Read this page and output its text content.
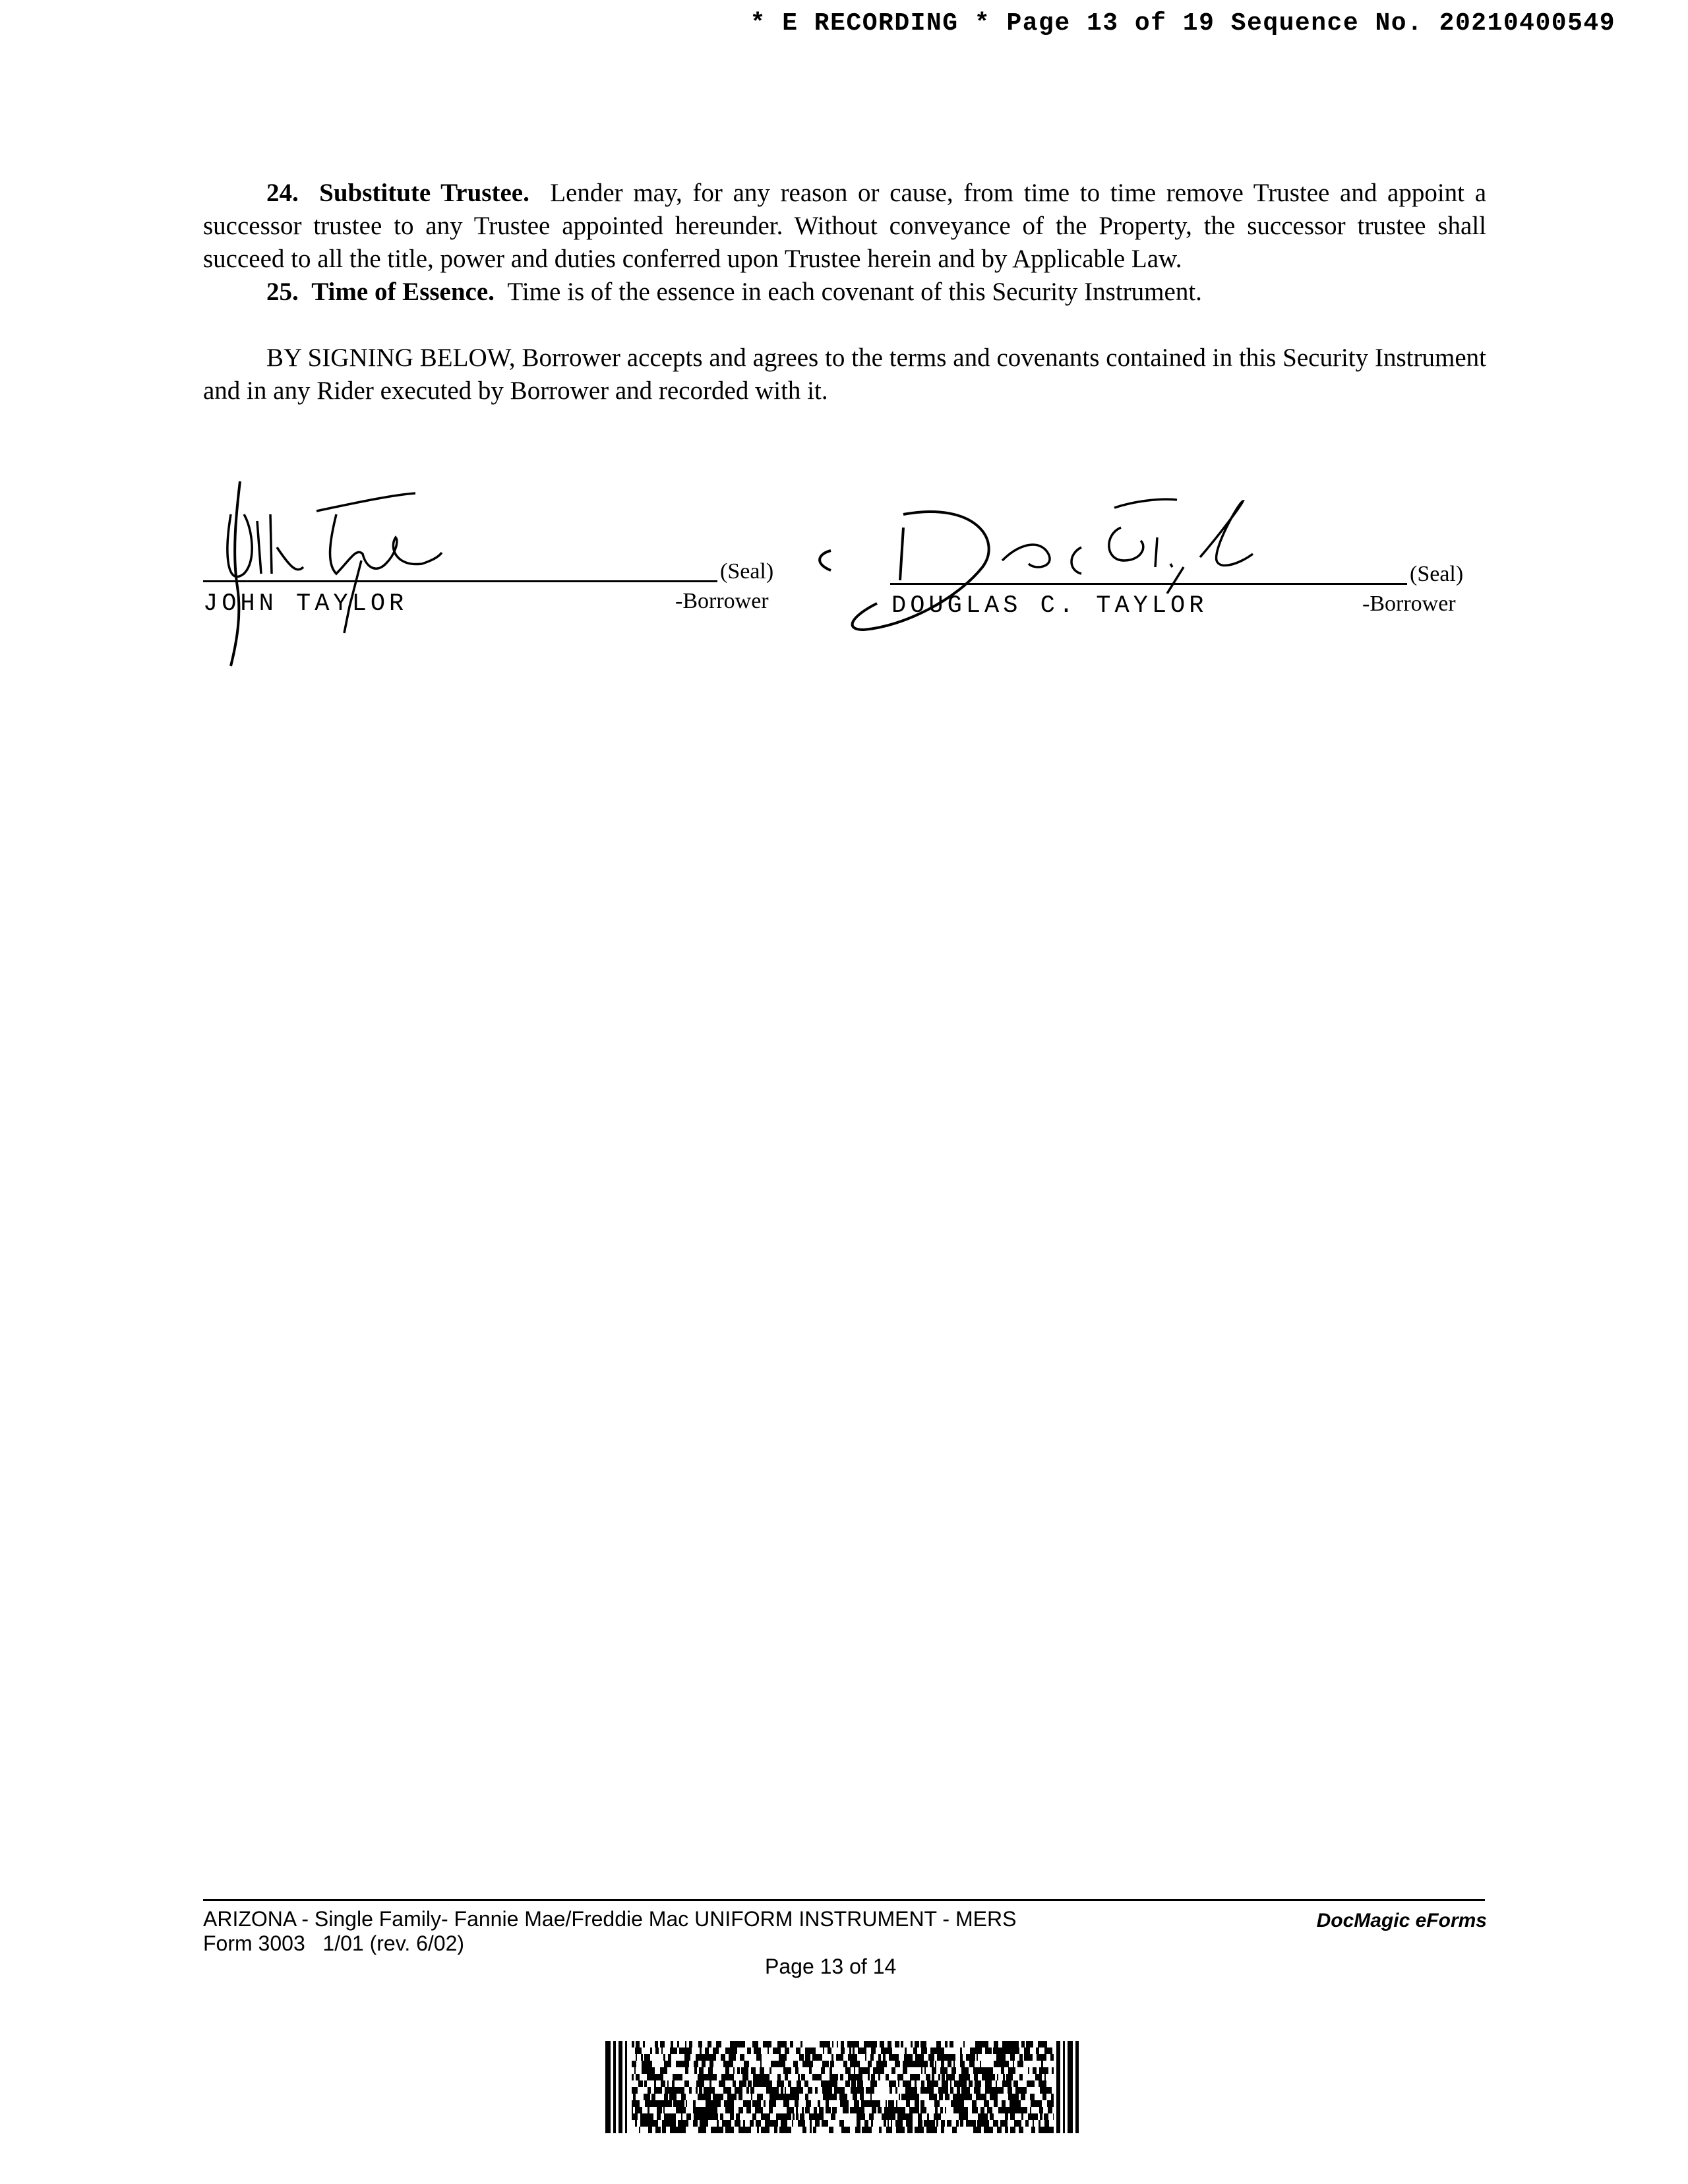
* E RECORDING * Page 13 of 19 Sequence No. 20210400549

24. Substitute Trustee. Lender may, for any reason or cause, from time to time remove Trustee and appoint a successor trustee to any Trustee appointed hereunder. Without conveyance of the Property, the successor trustee shall succeed to all the title, power and duties conferred upon Trustee herein and by Applicable Law.

25. Time of Essence. Time is of the essence in each covenant of this Security Instrument.

BY SIGNING BELOW, Borrower accepts and agrees to the terms and covenants contained in this Security Instrument and in any Rider executed by Borrower and recorded with it.

(Seal)
JOHN TAYLOR	-Borrower
(Seal)
DOUGLAS C. TAYLOR	-Borrower
ARIZONA - Single Family- Fannie Mae/Freddie Mac UNIFORM INSTRUMENT - MERS
Form 3003   1/01 (rev. 6/02)
DocMagic eForms
Page 13 of 14
